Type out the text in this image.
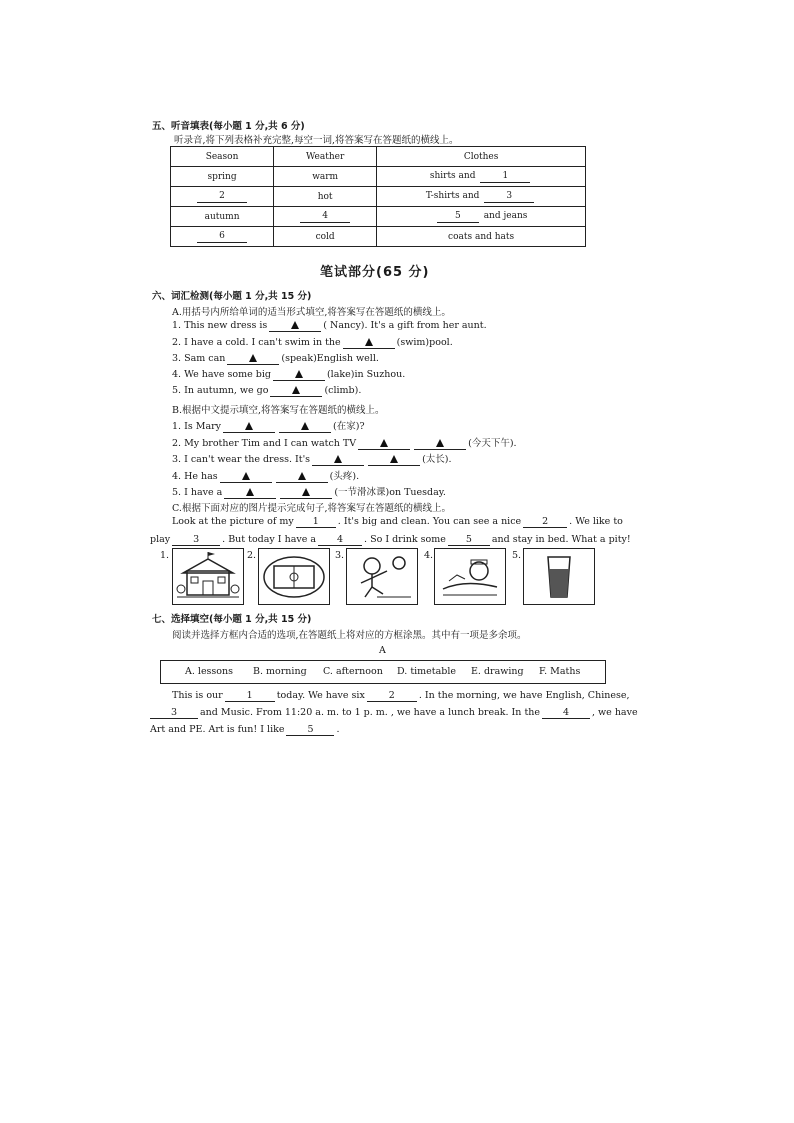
五、听音填表(每小题 1 分,共 6 分)
听录音,将下列表格补充完整,每空一词,将答案写在答题纸的横线上。
Season	Weather	Clothes
spring	warm	shirts and 1
2	hot	T-shirts and 3
autumn	4	5 and jeans
6	cold	coats and hats
笔试部分(65 分)
六、词汇检测(每小题 1 分,共 15 分)
A.用括号内所给单词的适当形式填空,将答案写在答题纸的横线上。
1. This new dress is	( Nancy). It's a gift from her aunt.
2. I have a cold. I can't swim in the	(swim)pool.
3. Sam can	(speak)English well.
4. We have some big	(lake)in Suzhou.
5. In autumn, we go	(climb).
B.根据中文提示填空,将答案写在答题纸的横线上。
1. Is Mary	(在家)?
2. My brother Tim and I can watch TV	(今天下午).
3. I can't wear the dress. It's	(太长).
4. He has	(头疼).
5. I have a	(一节滑冰课)on Tuesday.
C.根据下面对应的图片提示完成句子,将答案写在答题纸的横线上。
Look at the picture of my 1 . It's big and clean. You can see a nice 2 . We like to
play 3 . But today I have a 4 . So I drink some 5 and stay in bed. What a pity!
1.	2.	3.	4.	5.
七、选择填空(每小题 1 分,共 15 分)
阅读并选择方框内合适的选项,在答题纸上将对应的方框涂黑。其中有一项是多余项。
A
A. lessons B. morning C. afternoon D. timetable E. drawing F. Maths
This is our	1	today. We have six	2	. In the morning, we have English, Chinese,
3 and Music. From 11:20 a. m. to 1 p. m. , we have a lunch break. In the 4 , we have
Art and PE. Art is fun! I like 5 .
